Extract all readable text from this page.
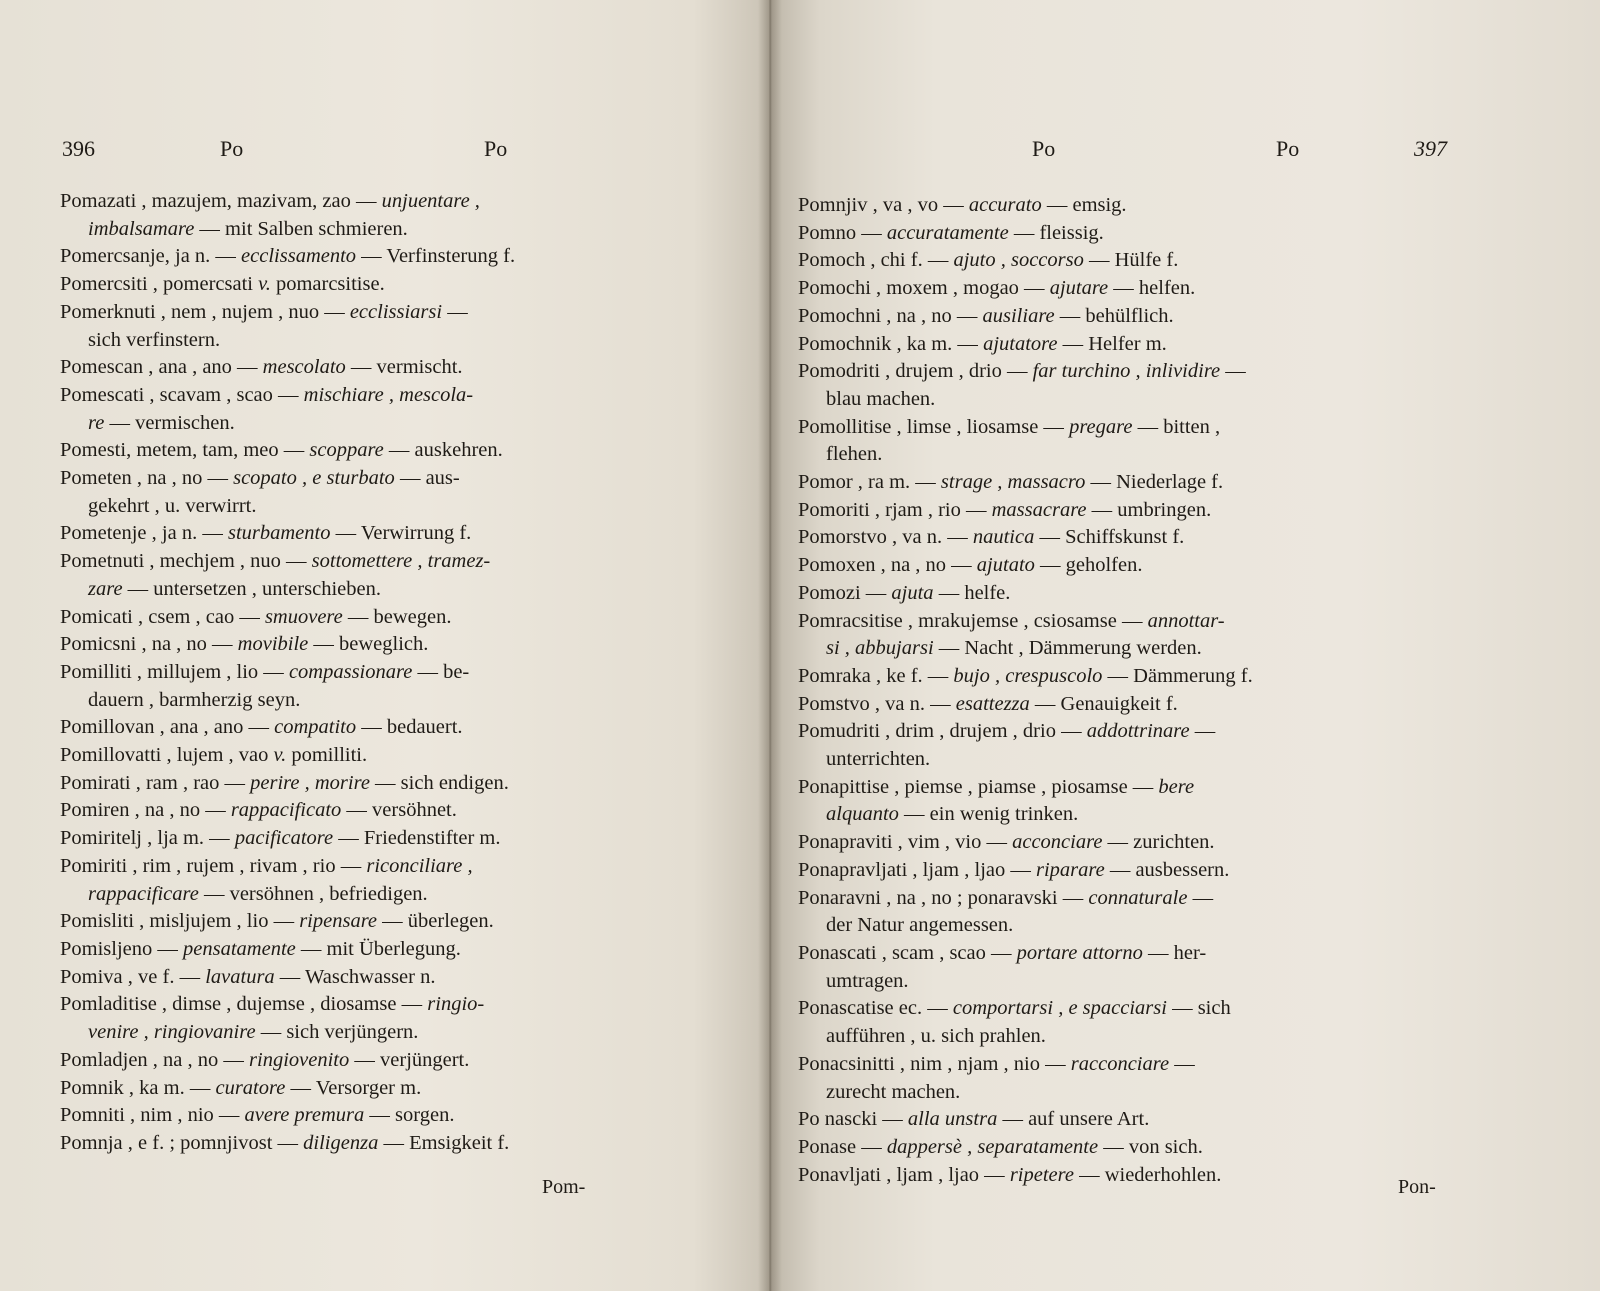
396	Po	Po
Pomazati , mazujem, mazivam, zao — unjuentare ,
imbalsamare — mit Salben schmieren.
Pomercsanje, ja n. — ecclissamento — Verfinsterung f.
Pomercsiti , pomercsati v. pomarcsitise.
Pomerknuti , nem , nujem , nuo — ecclissiarsi —
sich verfinstern.
Pomescan , ana , ano — mescolato — vermischt.
Pomescati , scavam , scao — mischiare , mescola-
re — vermischen.
Pomesti, metem, tam, meo — scoppare — auskehren.
Pometen , na , no — scopato , e sturbato — aus-
gekehrt , u. verwirrt.
Pometenje , ja n. — sturbamento — Verwirrung f.
Pometnuti , mechjem , nuo — sottomettere , tramez-
zare — untersetzen , unterschieben.
Pomicati , csem , cao — smuovere — bewegen.
Pomicsni , na , no — movibile — beweglich.
Pomilliti , millujem , lio — compassionare — be-
dauern , barmherzig seyn.
Pomillovan , ana , ano — compatito — bedauert.
Pomillovatti , lujem , vao v. pomilliti.
Pomirati , ram , rao — perire , morire — sich endigen.
Pomiren , na , no — rappacificato — versöhnet.
Pomiritelj , lja m. — pacificatore — Friedenstifter m.
Pomiriti , rim , rujem , rivam , rio — riconciliare ,
rappacificare — versöhnen , befriedigen.
Pomisliti , misljujem , lio — ripensare — überlegen.
Pomisljeno — pensatamente — mit Überlegung.
Pomiva , ve f. — lavatura — Waschwasser n.
Pomladitise , dimse , dujemse , diosamse — ringio-
venire , ringiovanire — sich verjüngern.
Pomladjen , na , no — ringiovenito — verjüngert.
Pomnik , ka m. — curatore — Versorger m.
Pomniti , nim , nio — avere premura — sorgen.
Pomnja , e f. ; pomnjivost — diligenza — Emsigkeit f.
Pom-
Po	Po	397
Pomnjiv , va , vo — accurato — emsig.
Pomno — accuratamente — fleissig.
Pomoch , chi f. — ajuto , soccorso — Hülfe f.
Pomochi , moxem , mogao — ajutare — helfen.
Pomochni , na , no — ausiliare — behülflich.
Pomochnik , ka m. — ajutatore — Helfer m.
Pomodriti , drujem , drio — far turchino , inlividire —
blau machen.
Pomollitise , limse , liosamse — pregare — bitten ,
flehen.
Pomor , ra m. — strage , massacro — Niederlage f.
Pomoriti , rjam , rio — massacrare — umbringen.
Pomorstvo , va n. — nautica — Schiffskunst f.
Pomoxen , na , no — ajutato — geholfen.
Pomozi — ajuta — helfe.
Pomracsitise , mrakujemse , csiosamse — annottar-
si , abbujarsi — Nacht , Dämmerung werden.
Pomraka , ke f. — bujo , crespuscolo — Dämmerung f.
Pomstvo , va n. — esattezza — Genauigkeit f.
Pomudriti , drim , drujem , drio — addottrinare —
unterrichten.
Ponapittise , piemse , piamse , piosamse — bere
alquanto — ein wenig trinken.
Ponapraviti , vim , vio — acconciare — zurichten.
Ponapravljati , ljam , ljao — riparare — ausbessern.
Ponaravni , na , no ; ponaravski — connaturale —
der Natur angemessen.
Ponascati , scam , scao — portare attorno — her-
umtragen.
Ponascatise ec. — comportarsi , e spacciarsi — sich
aufführen , u. sich prahlen.
Ponacsinitti , nim , njam , nio — racconciare —
zurecht machen.
Po nascki — alla unstra — auf unsere Art.
Ponase — dappersè , separatamente — von sich.
Ponavljati , ljam , ljao — ripetere — wiederhohlen.
Pon-
